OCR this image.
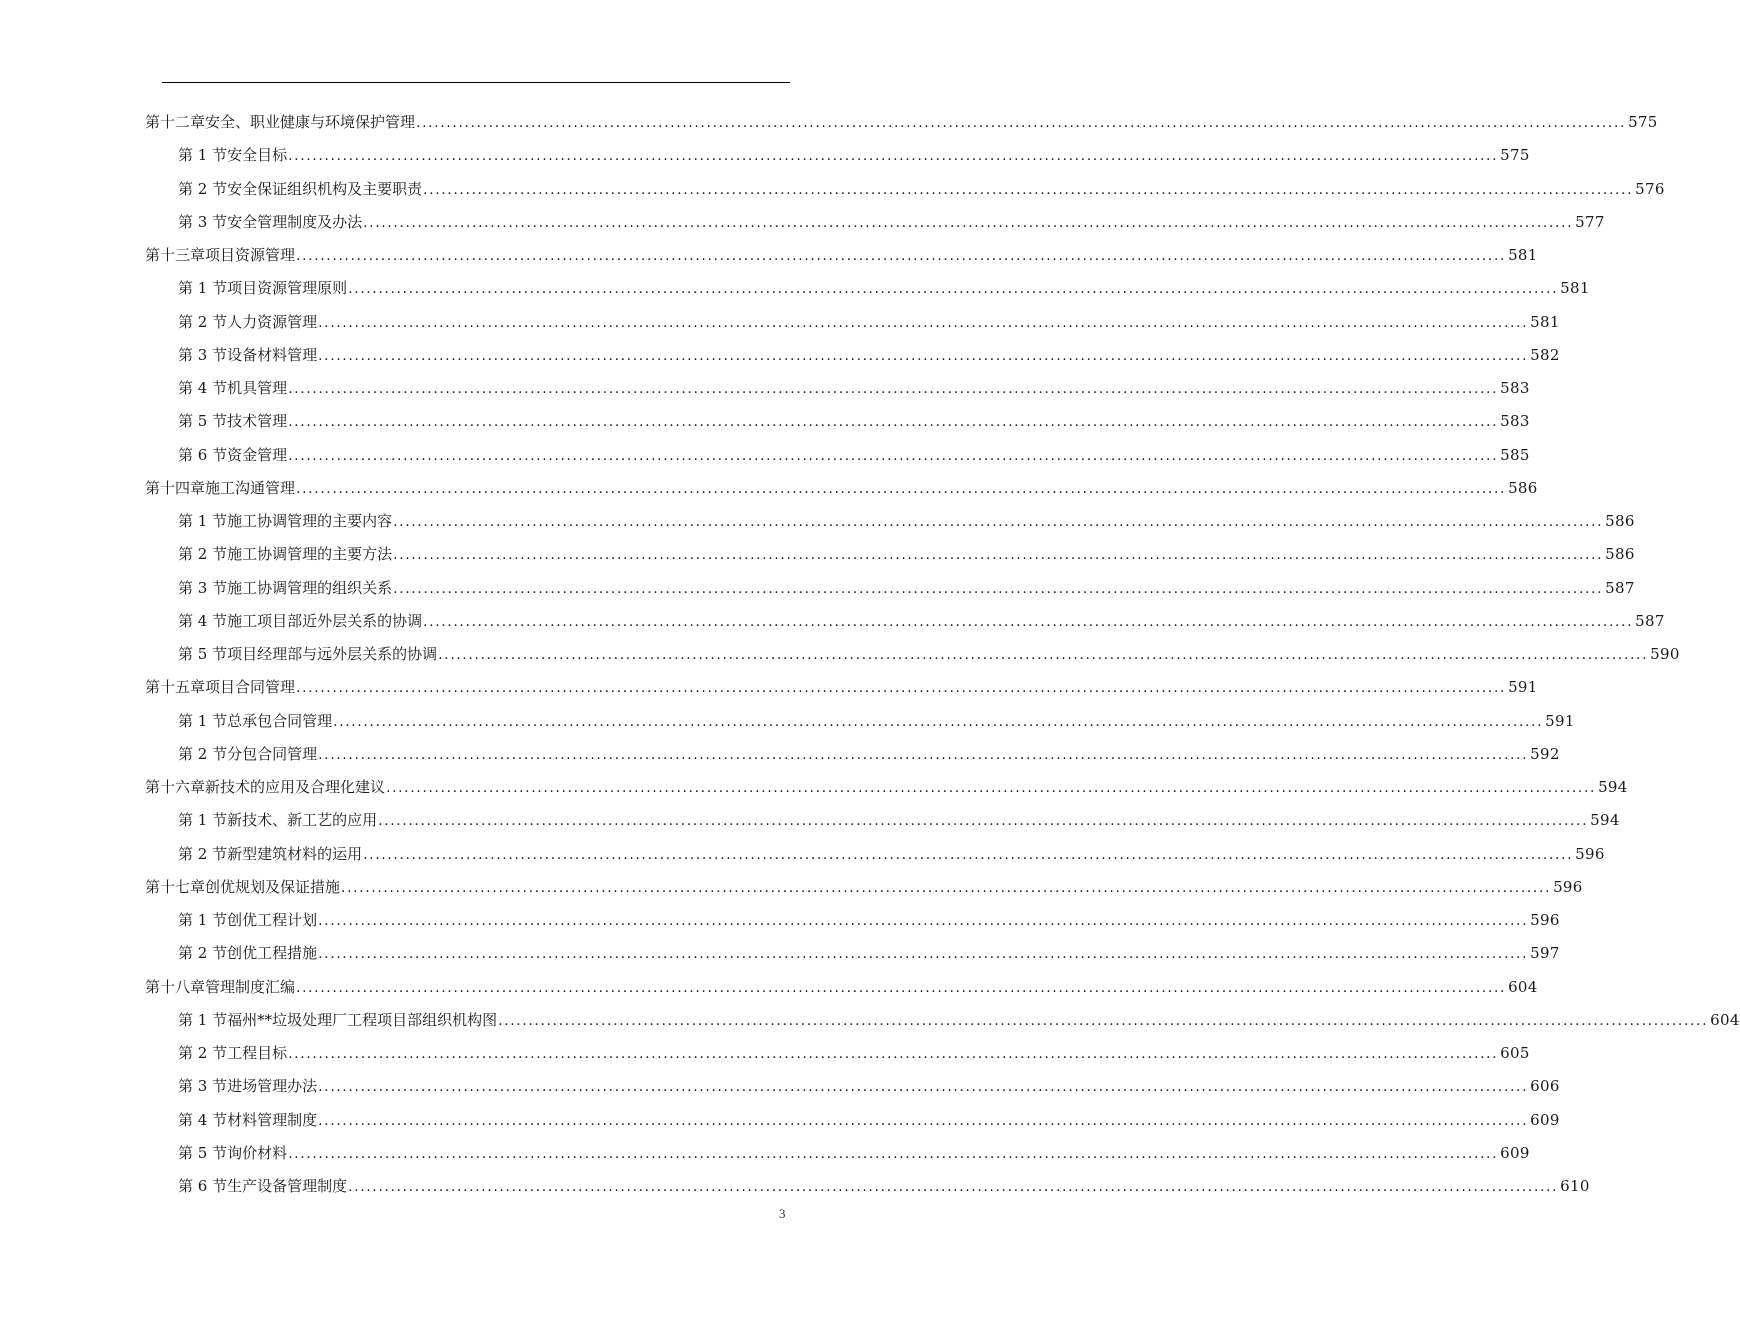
第十二章 安全、职业健康与环境保护管理 ........................................................................................................................................................................................................ 575
第 1 节 安全目标 ........................................................................................................................................................................................................ 575
第 2 节 安全保证组织机构及主要职责 ........................................................................................................................................................................................................ 576
第 3 节 安全管理制度及办法 ........................................................................................................................................................................................................ 577
第十三章 项目资源管理 ........................................................................................................................................................................................................ 581
第 1 节 项目资源管理原则 ........................................................................................................................................................................................................ 581
第 2 节 人力资源管理 ........................................................................................................................................................................................................ 581
第 3 节 设备材料管理 ........................................................................................................................................................................................................ 582
第 4 节 机具管理 ........................................................................................................................................................................................................ 583
第 5 节 技术管理 ........................................................................................................................................................................................................ 583
第 6 节 资金管理 ........................................................................................................................................................................................................ 585
第十四章 施工沟通管理 ........................................................................................................................................................................................................ 586
第 1 节 施工协调管理的主要内容 ........................................................................................................................................................................................................ 586
第 2 节 施工协调管理的主要方法 ........................................................................................................................................................................................................ 586
第 3 节 施工协调管理的组织关系 ........................................................................................................................................................................................................ 587
第 4 节 施工项目部近外层关系的协调 ........................................................................................................................................................................................................ 587
第 5 节 项目经理部与远外层关系的协调 ........................................................................................................................................................................................................ 590
第十五章 项目合同管理 ........................................................................................................................................................................................................ 591
第 1 节 总承包合同管理 ........................................................................................................................................................................................................ 591
第 2 节 分包合同管理 ........................................................................................................................................................................................................ 592
第十六章 新技术的应用及合理化建议 ........................................................................................................................................................................................................ 594
第 1 节 新技术、新工艺的应用 ........................................................................................................................................................................................................ 594
第 2 节 新型建筑材料的运用 ........................................................................................................................................................................................................ 596
第十七章 创优规划及保证措施 ........................................................................................................................................................................................................ 596
第 1 节 创优工程计划 ........................................................................................................................................................................................................ 596
第 2 节 创优工程措施 ........................................................................................................................................................................................................ 597
第十八章 管理制度汇编 ........................................................................................................................................................................................................ 604
第 1 节 福州**垃圾处理厂工程项目部组织机构图 ........................................................................................................................................................................................................ 604
第 2 节 工程目标 ........................................................................................................................................................................................................ 605
第 3 节 进场管理办法 ........................................................................................................................................................................................................ 606
第 4 节 材料管理制度 ........................................................................................................................................................................................................ 609
第 5 节 询价材料 ........................................................................................................................................................................................................ 609
第 6 节 生产设备管理制度 ........................................................................................................................................................................................................ 610
3
